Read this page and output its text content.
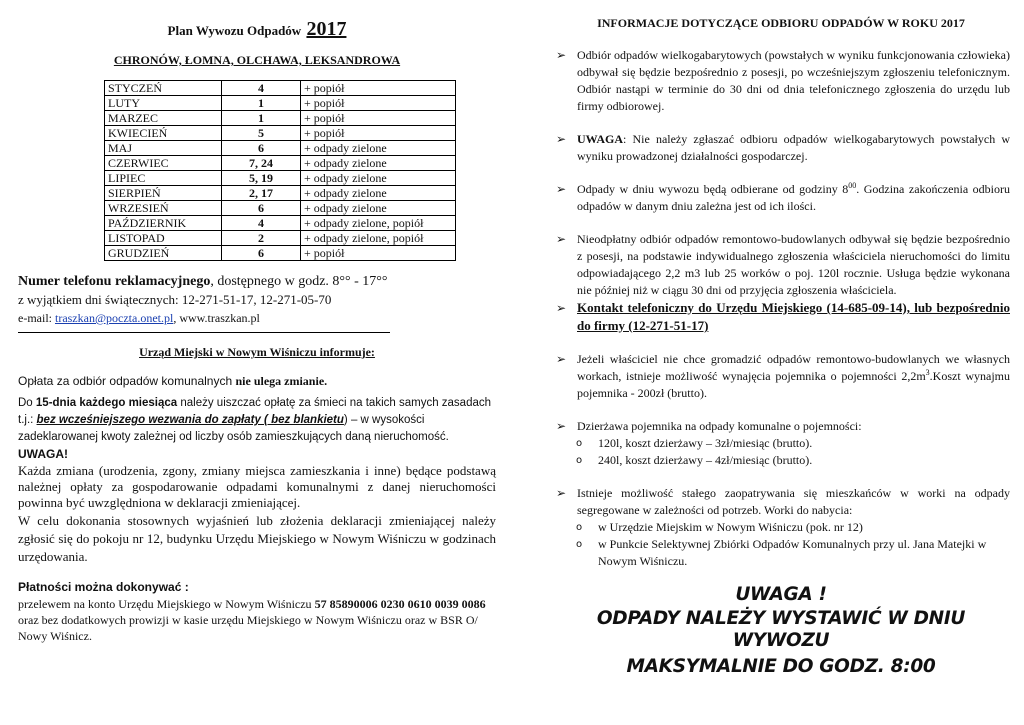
Plan Wywozu Odpadów 2017
CHRONÓW, ŁOMNA, OLCHAWA, LEKSANDROWA
STYCZEŃ	4	+ popiół
LUTY	1	+ popiół
MARZEC	1	+ popiół
KWIECIEŃ	5	+ popiół
MAJ	6	+ odpady zielone
CZERWIEC	7, 24	+ odpady zielone
LIPIEC	5, 19	+ odpady zielone
SIERPIEŃ	2, 17	+ odpady zielone
WRZESIEŃ	6	+ odpady zielone
PAŹDZIERNIK	4	+ odpady zielone, popiół
LISTOPAD	2	+ odpady zielone, popiół
GRUDZIEŃ	6	+ popiół
Numer telefonu reklamacyjnego, dostępnego w godz. 8°° - 17°°
z wyjątkiem dni świątecznych: 12-271-51-17, 12-271-05-70
e-mail: traszkan@poczta.onet.pl, www.traszkan.pl
Urząd Miejski w Nowym Wiśniczu informuje:
Opłata za odbiór odpadów komunalnych nie ulega zmianie.
Do 15-dnia każdego miesiąca należy uiszczać opłatę za śmieci na takich samych zasadach t.j.: bez wcześniejszego wezwania do zapłaty ( bez blankietu) – w wysokości zadeklarowanej kwoty zależnej od liczby osób zamieszkujących daną nieruchomość.
UWAGA!
Każda zmiana (urodzenia, zgony, zmiany miejsca zamieszkania i inne) będące podstawą należnej opłaty za gospodarowanie odpadami komunalnymi z danej nieruchomości powinna być uwzględniona w deklaracji zmieniającej.
W celu dokonania stosownych wyjaśnień lub złożenia deklaracji zmieniającej należy zgłosić się do pokoju nr 12, budynku Urzędu Miejskiego w Nowym Wiśniczu w godzinach urzędowania.
Płatności można dokonywać :
przelewem na konto Urzędu Miejskiego w Nowym Wiśniczu 57 85890006 0230 0610 0039 0086 oraz bez dodatkowych prowizji w kasie urzędu Miejskiego w Nowym Wiśniczu oraz w BSR O/ Nowy Wiśnicz.
INFORMACJE DOTYCZĄCE ODBIORU ODPADÓW W ROKU 2017
➢ Odbiór odpadów wielkogabarytowych (powstałych w wyniku funkcjonowania człowieka) odbywał się będzie bezpośrednio z posesji, po wcześniejszym zgłoszeniu telefonicznym. Odbiór nastąpi w terminie do 30 dni od dnia telefonicznego zgłoszenia do urzędu lub firmy odbiorowej.
➢ UWAGA: Nie należy zgłaszać odbioru odpadów wielkogabarytowych powstałych w wyniku prowadzonej działalności gospodarczej.
➢ Odpady w dniu wywozu będą odbierane od godziny $8^{00}$. Godzina zakończenia odbioru odpadów w danym dniu zależna jest od ich ilości.
➢ Nieodpłatny odbiór odpadów remontowo-budowlanych odbywał się będzie bezpośrednio z posesji, na podstawie indywidualnego zgłoszenia właściciela nieruchomości do limitu odpowiadającego 2,2 m3 lub 25 worków o poj. 120l rocznie. Usługa będzie wykonana nie później niż w ciągu 30 dni od przyjęcia zgłoszenia właściciela.
➢ Kontakt telefoniczny do Urzędu Miejskiego (14-685-09-14), lub bezpośrednio do firmy (12-271-51-17)
➢ Jeżeli właściciel nie chce gromadzić odpadów remontowo-budowlanych we własnych workach, istnieje możliwość wynajęcia pojemnika o pojemności $2,2m^3.Koszt$ wynajmu pojemnika - 200zł (brutto).
➢ Dzierżawa pojemnika na odpady komunalne o pojemności:
o 120l, koszt dzierżawy – 3zł/miesiąc (brutto).
o 240l, koszt dzierżawy – 4zł/miesiąc (brutto).
➢ Istnieje możliwość stałego zaopatrywania się mieszkańców w worki na odpady segregowane w zależności od potrzeb. Worki do nabycia:
o w Urzędzie Miejskim w Nowym Wiśniczu (pok. nr 12)
o w Punkcie Selektywnej Zbiórki Odpadów Komunalnych przy ul. Jana Matejki w Nowym Wiśniczu.
UWAGA !
ODPADY NALEŻY WYSTAWIĆ W DNIU WYWOZU
MAKSYMALNIE DO GODZ. 8:00
